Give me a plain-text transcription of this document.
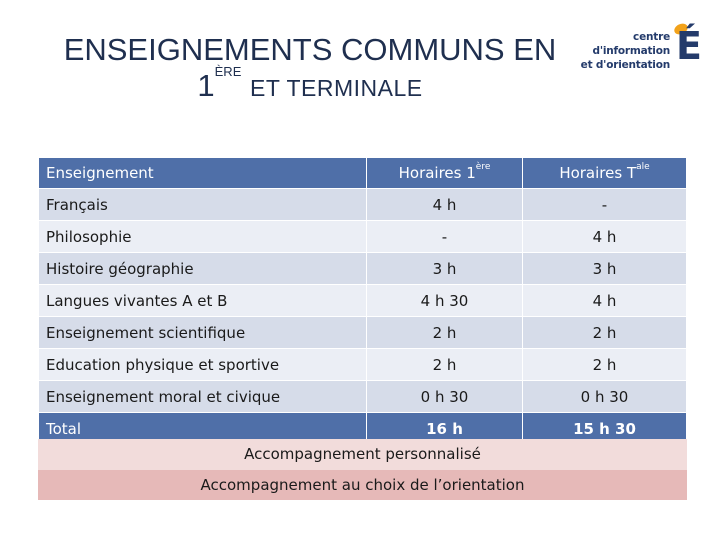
ENSEIGNEMENTS COMMUNS EN
1ÈRE ET TERMINALE
centre d'information
et d'orientation É
Enseignement	Horaires 1ère	Horaires $T^{ale}$
Français	4 h	-
Philosophie	-	4 h
Histoire géographie	3 h	3 h
Langues vivantes A et B	4 h 30	4 h
Enseignement scientifique	2 h	2 h
Education physique et sportive	2 h	2 h
Enseignement moral et civique	0 h 30	0 h 30
Total	16 h	15 h 30
Accompagnement personnalisé
Accompagnement au choix de l’orientation
